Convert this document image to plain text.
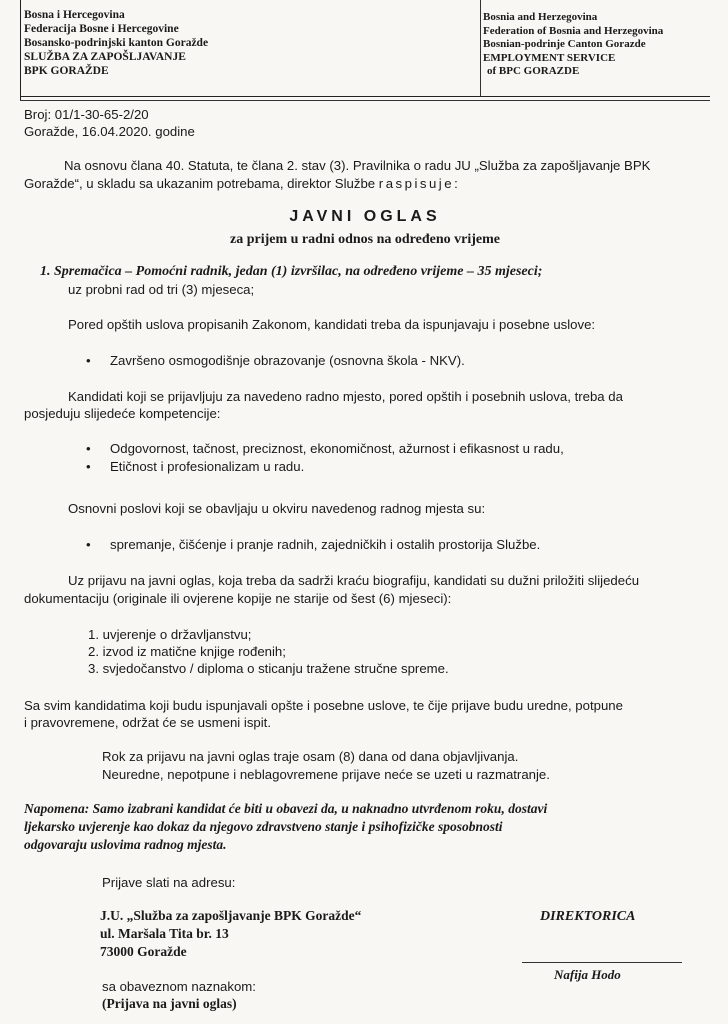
Bosna i Hercegovina
Federacija Bosne i Hercegovine
Bosansko-podrinjski kanton Goražde
SLUŽBA ZA ZAPOŠLJAVANJE
BPK GORAŽDE
Bosnia and Herzegovina
Federation of Bosnia and Herzegovina
Bosnian-podrinje Canton Gorazde
EMPLOYMENT SERVICE
of BPC GORAZDE
Broj: 01/1-30-65-2/20
Goražde, 16.04.2020. godine
Na osnovu člana 40. Statuta, te člana 2. stav (3). Pravilnika o radu JU „Služba za zapošljavanje BPK
Goražde“, u skladu sa ukazanim potrebama, direktor Službe raspisuje:
JAVNI OGLAS
za prijem u radni odnos na određeno vrijeme
1. Spremačica – Pomoćni radnik, jedan (1) izvršilac, na određeno vrijeme – 35 mjeseci;
uz probni rad od tri (3) mjeseca;
Pored opštih uslova propisanih Zakonom, kandidati treba da ispunjavaju i posebne uslove:
• Završeno osmogodišnje obrazovanje (osnovna škola - NKV).
Kandidati koji se prijavljuju za navedeno radno mjesto, pored opštih i posebnih uslova, treba da
posjeduju slijedeće kompetencije:
• Odgovornost, tačnost, preciznost, ekonomičnost, ažurnost i efikasnost u radu,
• Etičnost i profesionalizam u radu.
Osnovni poslovi koji se obavljaju u okviru navedenog radnog mjesta su:
• spremanje, čišćenje i pranje radnih, zajedničkih i ostalih prostorija Službe.
Uz prijavu na javni oglas, koja treba da sadrži kraću biografiju, kandidati su dužni priložiti slijedeću
dokumentaciju (originale ili ovjerene kopije ne starije od šest (6) mjeseci):
1. uvjerenje o državljanstvu;
2. izvod iz matične knjige rođenih;
3. svjedočanstvo / diploma o sticanju tražene stručne spreme.
Sa svim kandidatima koji budu ispunjavali opšte i posebne uslove, te čije prijave budu uredne, potpune
i pravovremene, održat će se usmeni ispit.
Rok za prijavu na javni oglas traje osam (8) dana od dana objavljivanja.
Neuredne, nepotpune i neblagovremene prijave neće se uzeti u razmatranje.
Napomena: Samo izabrani kandidat će biti u obavezi da, u naknadno utvrđenom roku, dostavi
ljekarsko uvjerenje kao dokaz da njegovo zdravstveno stanje i psihofizičke sposobnosti
odgovaraju uslovima radnog mjesta.
Prijave slati na adresu:
J.U. „Služba za zapošljavanje BPK Goražde“
ul. Maršala Tita br. 13
73000 Goražde
sa obaveznom naznakom:
(Prijava na javni oglas)
DIREKTORICA
Nafija Hodo
